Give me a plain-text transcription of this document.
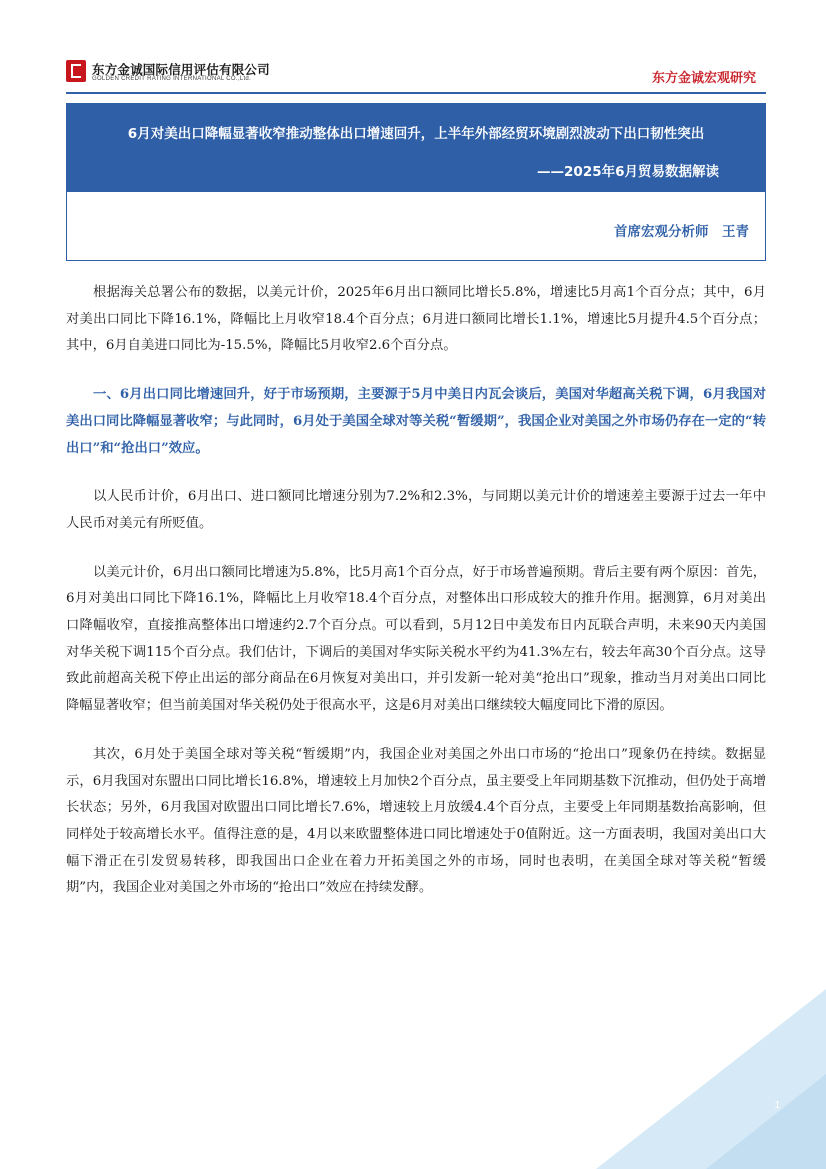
东方金诚国际信用评估有限公司
GOLDEN CREDIT RATING INTERNATIONAL CO.,Ltd.	东方金诚宏观研究
6月对美出口降幅显著收窄推动整体出口增速回升，上半年外部经贸环境剧烈波动下出口韧性突出
——2025年6月贸易数据解读
首席宏观分析师　王青

根据海关总署公布的数据，以美元计价，2025年6月出口额同比增长5.8%，增速比5月高1个百分点；其中，6月对美出口同比下降16.1%，降幅比上月收窄18.4个百分点；6月进口额同比增长1.1%，增速比5月提升4.5个百分点；其中，6月自美进口同比为-15.5%，降幅比5月收窄2.6个百分点。

一、6月出口同比增速回升，好于市场预期，主要源于5月中美日内瓦会谈后，美国对华超高关税下调，6月我国对美出口同比降幅显著收窄；与此同时，6月处于美国全球对等关税“暂缓期”，我国企业对美国之外市场仍存在一定的“转出口”和“抢出口”效应。

以人民币计价，6月出口、进口额同比增速分别为7.2%和2.3%，与同期以美元计价的增速差主要源于过去一年中人民币对美元有所贬值。

以美元计价，6月出口额同比增速为5.8%，比5月高1个百分点，好于市场普遍预期。背后主要有两个原因：首先，6月对美出口同比下降16.1%，降幅比上月收窄18.4个百分点，对整体出口形成较大的推升作用。据测算，6月对美出口降幅收窄，直接推高整体出口增速约2.7个百分点。可以看到，5月12日中美发布日内瓦联合声明，未来90天内美国对华关税下调115个百分点。我们估计，下调后的美国对华实际关税水平约为41.3%左右，较去年高30个百分点。这导致此前超高关税下停止出运的部分商品在6月恢复对美出口，并引发新一轮对美“抢出口”现象，推动当月对美出口同比降幅显著收窄；但当前美国对华关税仍处于很高水平，这是6月对美出口继续较大幅度同比下滑的原因。

其次，6月处于美国全球对等关税“暂缓期”内，我国企业对美国之外出口市场的“抢出口”现象仍在持续。数据显示，6月我国对东盟出口同比增长16.8%，增速较上月加快2个百分点，虽主要受上年同期基数下沉推动，但仍处于高增长状态；另外，6月我国对欧盟出口同比增长7.6%，增速较上月放缓4.4个百分点，主要受上年同期基数抬高影响，但同样处于较高增长水平。值得注意的是，4月以来欧盟整体进口同比增速处于0值附近。这一方面表明，我国对美出口大幅下滑正在引发贸易转移，即我国出口企业在着力开拓美国之外的市场，同时也表明，在美国全球对等关税“暂缓期”内，我国企业对美国之外市场的“抢出口”效应在持续发酵。

1
